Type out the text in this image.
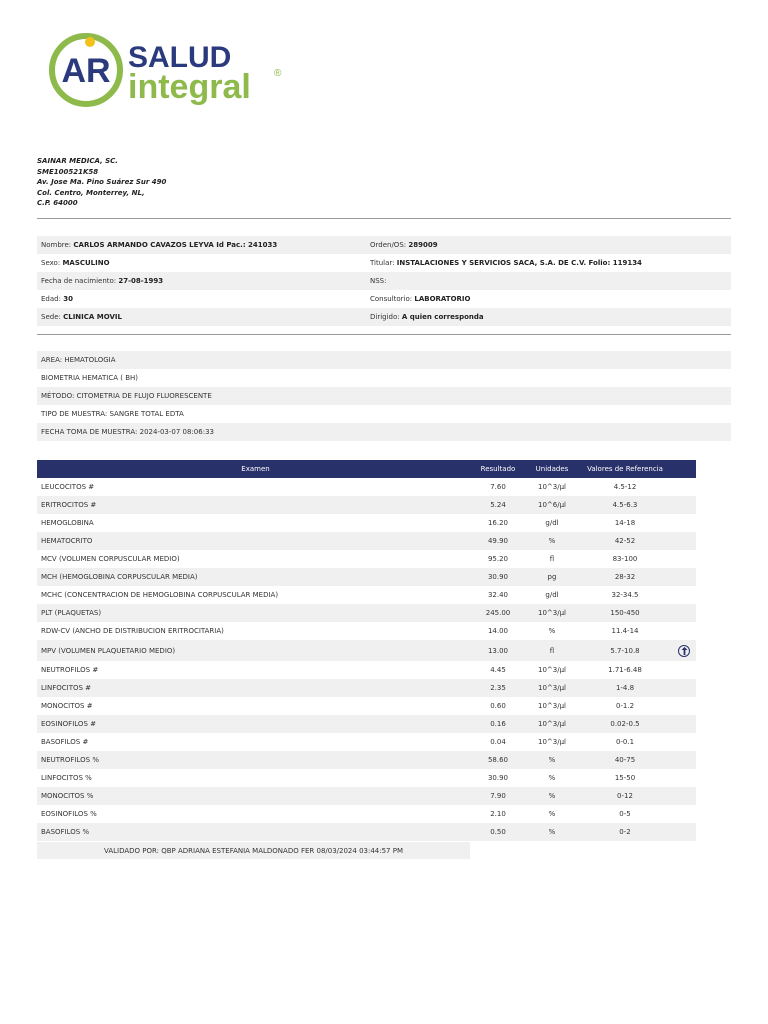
AR SALUD
integral ®
SAINAR MEDICA, SC.
SME100521K58
Av. Jose Ma. Pino Suárez Sur 490
Col. Centro, Monterrey, NL,
C.P. 64000
Nombre: CARLOS ARMANDO CAVAZOS LEYVA Id Pac.: 241033	Orden/OS: 289009
Sexo: MASCULINO	Titular: INSTALACIONES Y SERVICIOS SACA, S.A. DE C.V. Folio: 119134
Fecha de nacimiento: 27-08-1993	NSS:
Edad: 30	Consultorio: LABORATORIO
Sede: CLINICA MOVIL	Dirigido: A quien corresponda
AREA: HEMATOLOGIA
BIOMETRIA HEMATICA ( BH)
MÉTODO: CITOMETRIA DE FLUJO FLUORESCENTE
TIPO DE MUESTRA: SANGRE TOTAL EDTA
FECHA TOMA DE MUESTRA: 2024-03-07 08:06:33
Examen	Resultado	Unidades	Valores de Referencia
LEUCOCITOS #	7.60	10^3/µl	4.5-12
ERITROCITOS #	5.24	10^6/µl	4.5-6.3
HEMOGLOBINA	16.20	g/dl	14-18
HEMATOCRITO	49.90	%	42-52
MCV (VOLUMEN CORPUSCULAR MEDIO)	95.20	fl	83-100
MCH (HEMOGLOBINA CORPUSCULAR MEDIA)	30.90	pg	28-32
MCHC (CONCENTRACION DE HEMOGLOBINA CORPUSCULAR MEDIA)	32.40	g/dl	32-34.5
PLT (PLAQUETAS)	245.00	10^3/µl	150-450
RDW-CV (ANCHO DE DISTRIBUCION ERITROCITARIA)	14.00	%	11.4-14
MPV (VOLUMEN PLAQUETARIO MEDIO)	13.00	fl	5.7-10.8
NEUTROFILOS #	4.45	10^3/µl	1.71-6.48
LINFOCITOS #	2.35	10^3/µl	1-4.8
MONOCITOS #	0.60	10^3/µl	0-1.2
EOSINOFILOS #	0.16	10^3/µl	0.02-0.5
BASOFILOS #	0.04	10^3/µl	0-0.1
NEUTROFILOS %	58.60	%	40-75
LINFOCITOS %	30.90	%	15-50
MONOCITOS %	7.90	%	0-12
EOSINOFILOS %	2.10	%	0-5
BASOFILOS %	0.50	%	0-2
VALIDADO POR: QBP ADRIANA ESTEFANIA MALDONADO FER 08/03/2024 03:44:57 PM
